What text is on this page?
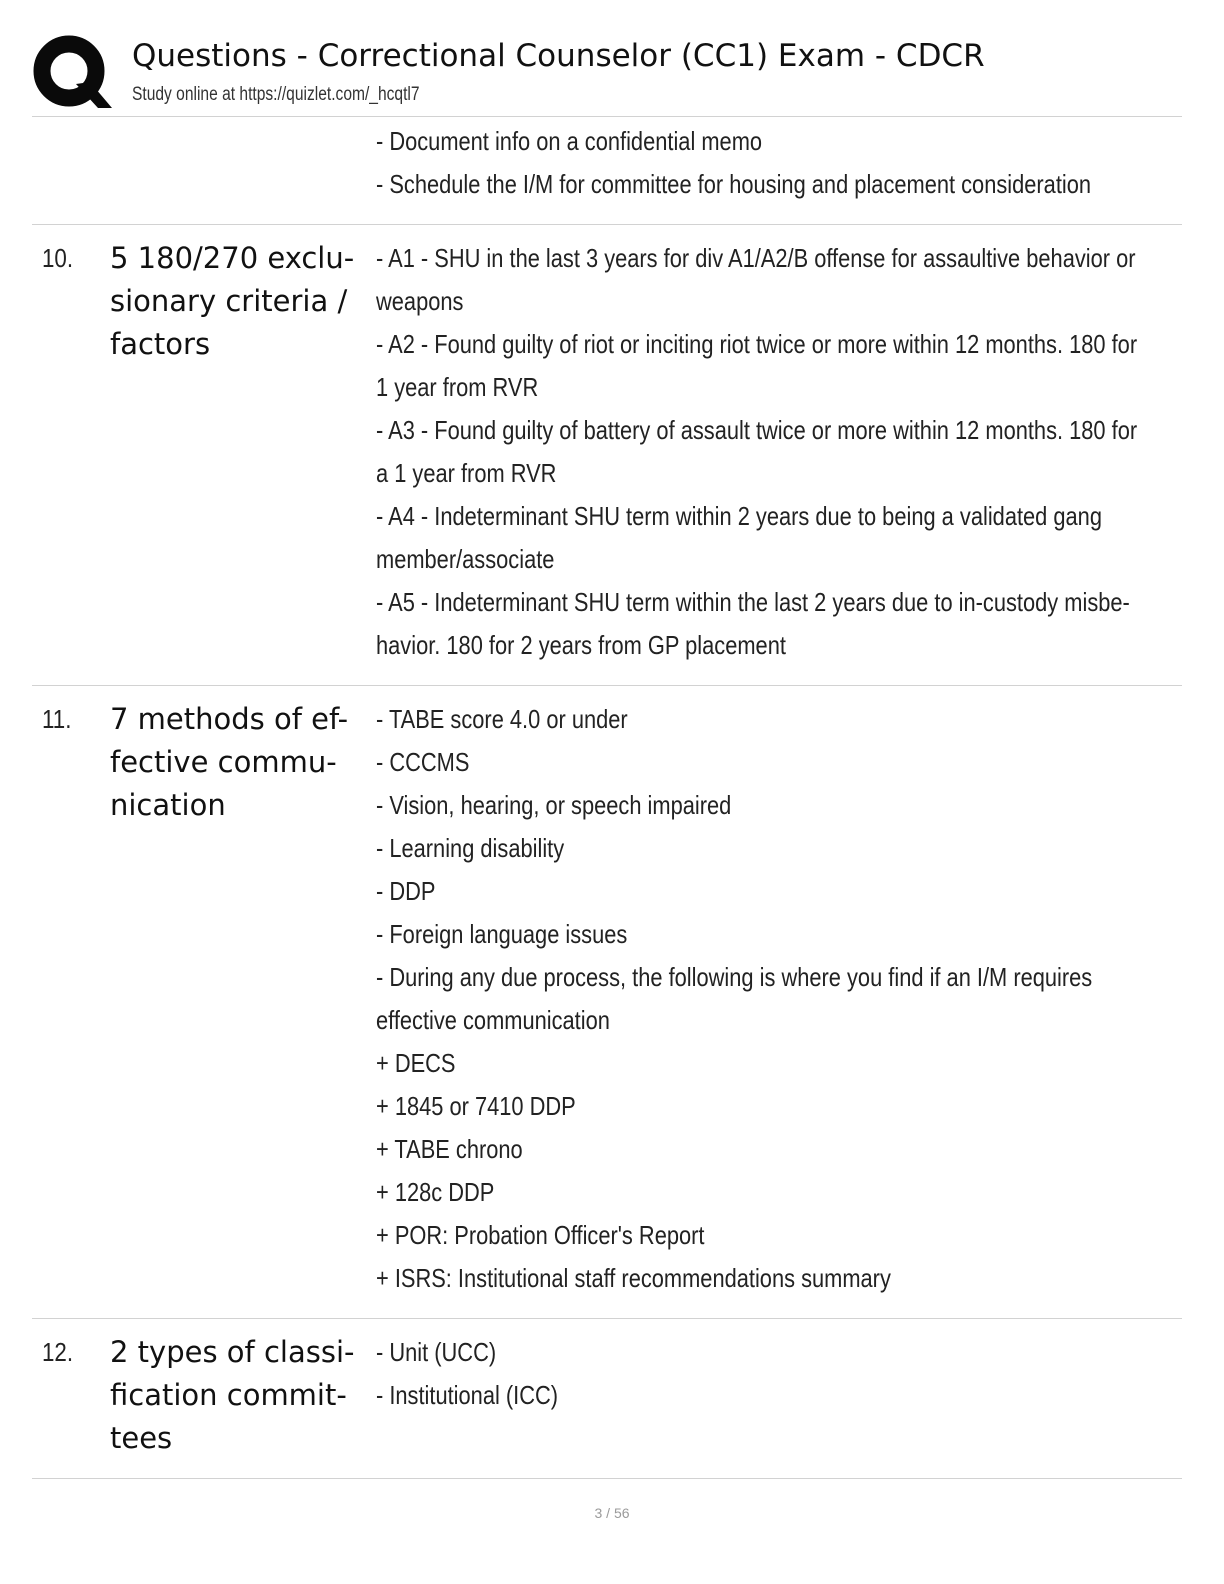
Questions - Correctional Counselor (CC1) Exam - CDCR
Study online at https://quizlet.com/_hcqtl7
- Document info on a confidential memo
- Schedule the I/M for committee for housing and placement consideration
10. 5 180/270 exclu-
sionary criteria /
factors
- A1 - SHU in the last 3 years for div A1/A2/B offense for assaultive behavior or
weapons
- A2 - Found guilty of riot or inciting riot twice or more within 12 months. 180 for
1 year from RVR
- A3 - Found guilty of battery of assault twice or more within 12 months. 180 for
a 1 year from RVR
- A4 - Indeterminant SHU term within 2 years due to being a validated gang
member/associate
- A5 - Indeterminant SHU term within the last 2 years due to in-custody misbe-
havior. 180 for 2 years from GP placement
11. 7 methods of ef-
fective commu-
nication
- TABE score 4.0 or under
- CCCMS
- Vision, hearing, or speech impaired
- Learning disability
- DDP
- Foreign language issues
- During any due process, the following is where you find if an I/M requires
effective communication
+ DECS
+ 1845 or 7410 DDP
+ TABE chrono
+ 128c DDP
+ POR: Probation Officer's Report
+ ISRS: Institutional staff recommendations summary
12. 2 types of classi-
fication commit-
tees
- Unit (UCC)
- Institutional (ICC)
3 / 56
